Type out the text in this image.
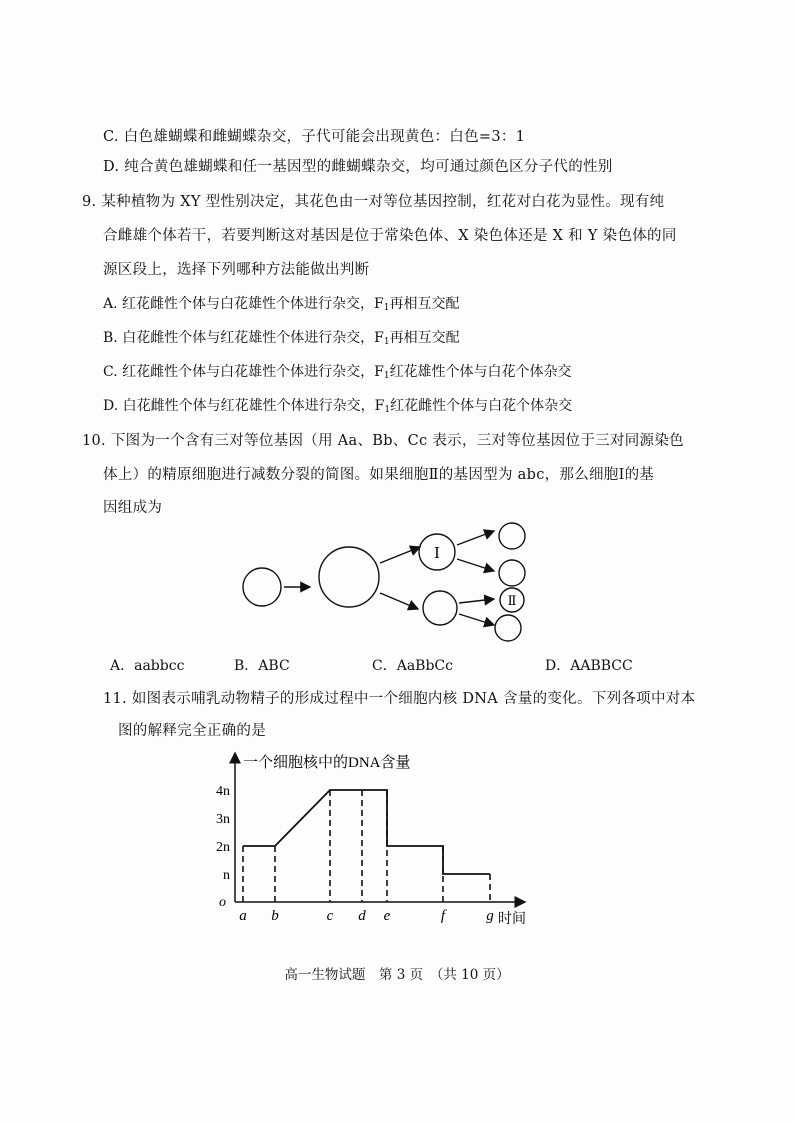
C. 白色雄蝴蝶和雌蝴蝶杂交，子代可能会出现黄色：白色=3：1
D. 纯合黄色雄蝴蝶和任一基因型的雌蝴蝶杂交，均可通过颜色区分子代的性别
9. 某种植物为 XY 型性别决定，其花色由一对等位基因控制，红花对白花为显性。现有纯
合雌雄个体若干，若要判断这对基因是位于常染色体、X 染色体还是 X 和 Y 染色体的同
源区段上，选择下列哪种方法能做出判断
A. 红花雌性个体与白花雄性个体进行杂交，$F_1$再相互交配
B. 白花雌性个体与红花雄性个体进行杂交，$F_1$再相互交配
C. 红花雌性个体与白花雄性个体进行杂交，$F_1$红花雄性个体与白花个体杂交
D. 白花雌性个体与红花雄性个体进行杂交，$F_1$红花雌性个体与白花个体杂交
10. 下图为一个含有三对等位基因（用 Aa、Bb、Cc 表示，三对等位基因位于三对同源染色
体上）的精原细胞进行减数分裂的简图。如果细胞Ⅱ的基因型为 abc，那么细胞Ⅰ的基
因组成为
Ⅰ
Ⅱ
A．aabbcc	B．ABC	C．AaBbCc	D．AABBCC
11. 如图表示哺乳动物精子的形成过程中一个细胞内核 DNA 含量的变化。下列各项中对本
图的解释完全正确的是
一个细胞核中的DNA含量
时间
o
4n
3n
2n
n
a b	c d e	f	g
高一生物试题　第 3 页　（共 10 页）
